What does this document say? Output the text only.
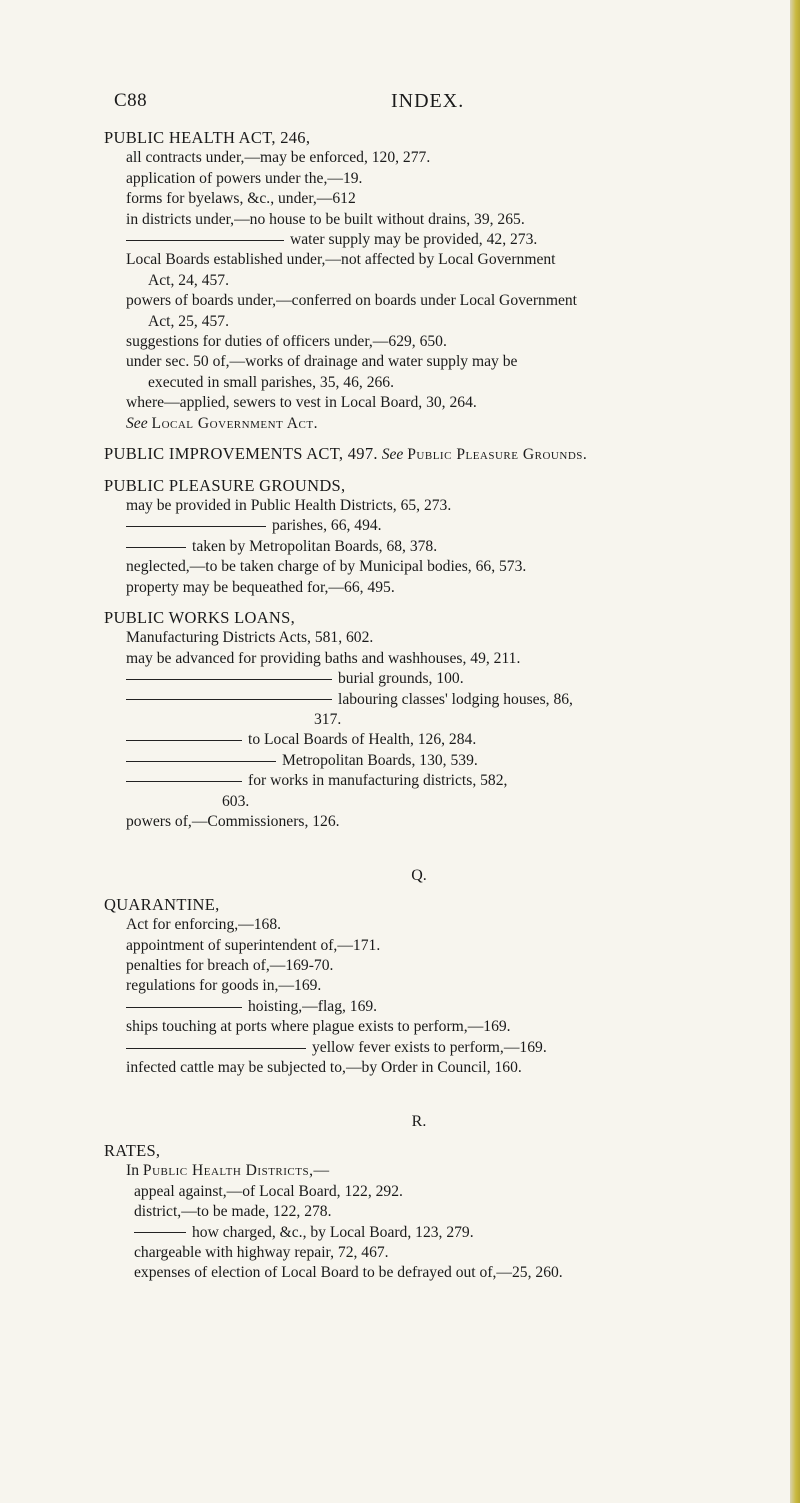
C88	INDEX.
PUBLIC HEALTH ACT, 246,
all contracts under,—may be enforced, 120, 277.
application of powers under the,—19.
forms for byelaws, &c., under,—612
in districts under,—no house to be built without drains, 39, 265.
water supply may be provided, 42, 273.
Local Boards established under,—not affected by Local Government
Act, 24, 457.
powers of boards under,—conferred on boards under Local Government
Act, 25, 457.
suggestions for duties of officers under,—629, 650.
under sec. 50 of,—works of drainage and water supply may be
executed in small parishes, 35, 46, 266.
where—applied, sewers to vest in Local Board, 30, 264.
See Local Government Act.
PUBLIC IMPROVEMENTS ACT, 497. See Public Pleasure Grounds.
PUBLIC PLEASURE GROUNDS,
may be provided in Public Health Districts, 65, 273.
parishes, 66, 494.
taken by Metropolitan Boards, 68, 378.
neglected,—to be taken charge of by Municipal bodies, 66, 573.
property may be bequeathed for,—66, 495.
PUBLIC WORKS LOANS,
Manufacturing Districts Acts, 581, 602.
may be advanced for providing baths and washhouses, 49, 211.
burial grounds, 100.
labouring classes' lodging houses, 86,
317.
to Local Boards of Health, 126, 284.
Metropolitan Boards, 130, 539.
for works in manufacturing districts, 582,
603.
powers of,—Commissioners, 126.
Q.
QUARANTINE,
Act for enforcing,—168.
appointment of superintendent of,—171.
penalties for breach of,—169-70.
regulations for goods in,—169.
hoisting,—flag, 169.
ships touching at ports where plague exists to perform,—169.
yellow fever exists to perform,—169.
infected cattle may be subjected to,—by Order in Council, 160.
R.
RATES,
In Public Health Districts,—
appeal against,—of Local Board, 122, 292.
district,—to be made, 122, 278.
how charged, &c., by Local Board, 123, 279.
chargeable with highway repair, 72, 467.
expenses of election of Local Board to be defrayed out of,—25, 260.
